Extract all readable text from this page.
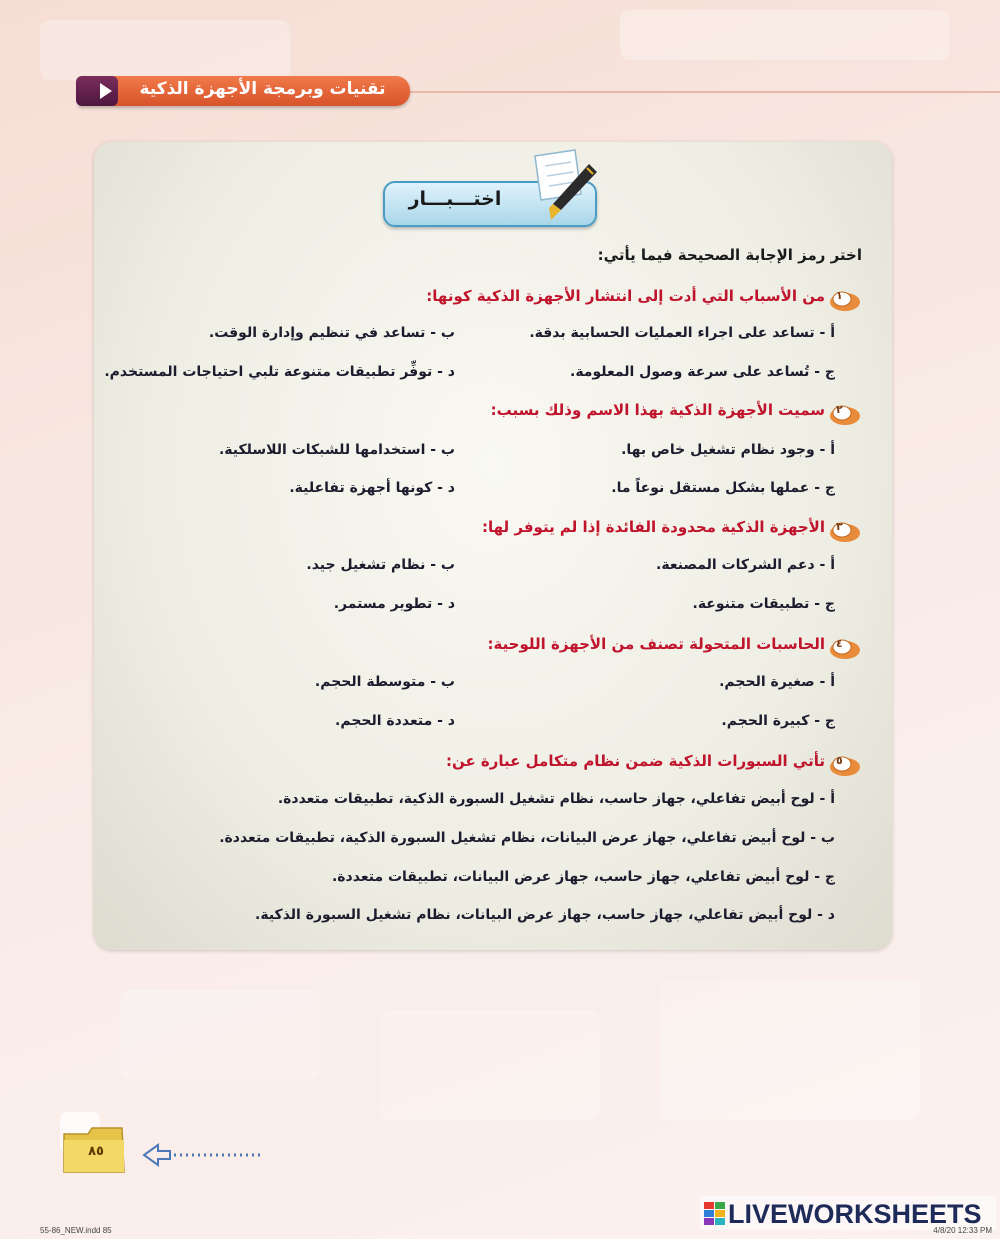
تقنيات وبرمجة الأجهزة الذكية
اختـــبـــار
اختر رمز الإجابة الصحيحة فيما يأتي:
١
من الأسباب التي أدت إلى انتشار الأجهزة الذكية كونها:
أ - تساعد على اجراء العمليات الحسابية بدقة.
ب - تساعد في تنظيم وإدارة الوقت.
ج - تُساعد على سرعة وصول المعلومة.
د - توفِّر تطبيقات متنوعة تلبي احتياجات المستخدم.
٢
سميت الأجهزة الذكية بهذا الاسم وذلك بسبب:
أ - وجود نظام تشغيل خاص بها.
ب - استخدامها للشبكات اللاسلكية.
ج - عملها بشكل مستقل نوعاً ما.
د - كونها أجهزة تفاعلية.
٣
الأجهزة الذكية محدودة الفائدة إذا لم يتوفر لها:
أ - دعم الشركات المصنعة.
ب - نظام تشغيل جيد.
ج - تطبيقات متنوعة.
د - تطوير مستمر.
٤
الحاسبات المتحولة تصنف من الأجهزة اللوحية:
أ - صغيرة الحجم.
ب - متوسطة الحجم.
ج - كبيرة الحجم.
د - متعددة الحجم.
٥
تأتي السبورات الذكية ضمن نظام متكامل عبارة عن:
أ - لوح أبيض تفاعلي، جهاز حاسب، نظام تشغيل السبورة الذكية، تطبيقات متعددة.
ب - لوح أبيض تفاعلي، جهاز عرض البيانات، نظام تشغيل السبورة الذكية، تطبيقات متعددة.
ج - لوح أبيض تفاعلي، جهاز حاسب، جهاز عرض البيانات، تطبيقات متعددة.
د - لوح أبيض تفاعلي، جهاز حاسب، جهاز عرض البيانات، نظام تشغيل السبورة الذكية.
٨٥
55-86_NEW.indd 85
LIVEWORKSHEETS
4/8/20 12:33 PM
